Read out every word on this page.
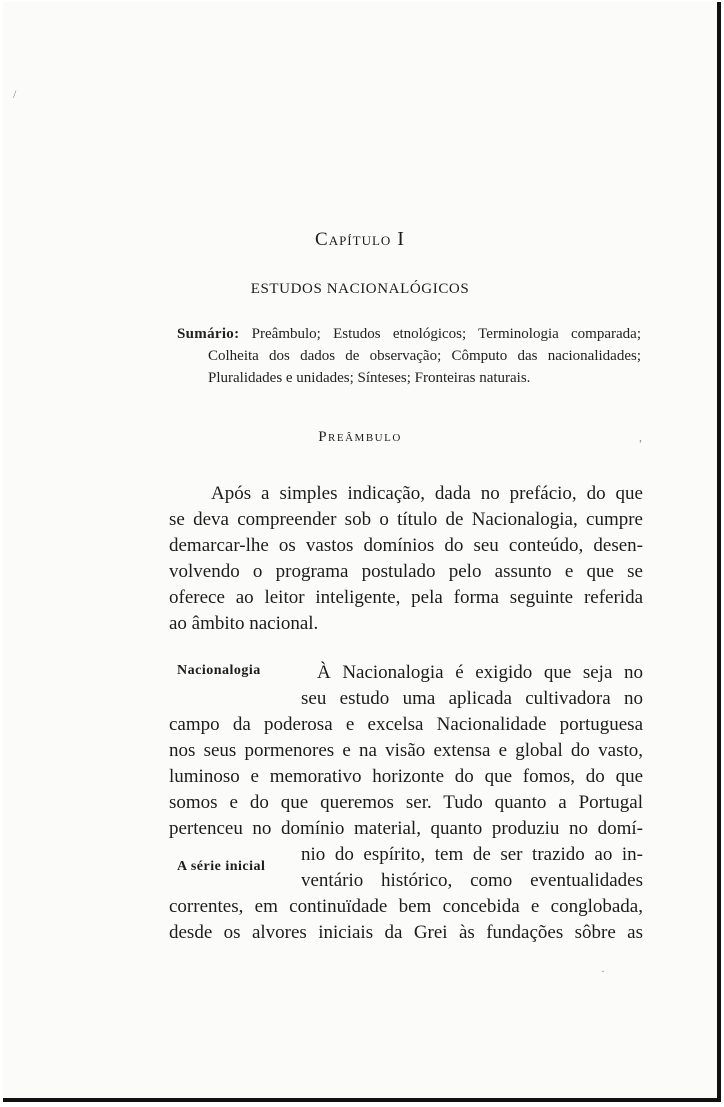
Capítulo I
ESTUDOS NACIONALÓGICOS
Sumário: Preâmbulo; Estudos etnológicos; Terminologia comparada;
Colheita dos dados de observação; Cômputo das nacionalidades;
Pluralidades e unidades; Sínteses; Fronteiras naturais.
Preâmbulo
Após a simples indicação, dada no prefácio, do que
se deva compreender sob o título de Nacionalogia, cumpre
demarcar-lhe os vastos domínios do seu conteúdo, desen-
volvendo o programa postulado pelo assunto e que se
oferece ao leitor inteligente, pela forma seguinte referida
ao âmbito nacional.
Nacionalogia
A série inicial
À Nacionalogia é exigido que seja no
seu estudo uma aplicada cultivadora no
campo da poderosa e excelsa Nacionalidade portuguesa
nos seus pormenores e na visão extensa e global do vasto,
luminoso e memorativo horizonte do que fomos, do que
somos e do que queremos ser. Tudo quanto a Portugal
pertenceu no domínio material, quanto produziu no domí-
nio do espírito, tem de ser trazido ao in-
ventário histórico, como eventualidades
correntes, em continuïdade bem concebida e conglobada,
desde os alvores iniciais da Grei às fundações sôbre as
/
,
·
